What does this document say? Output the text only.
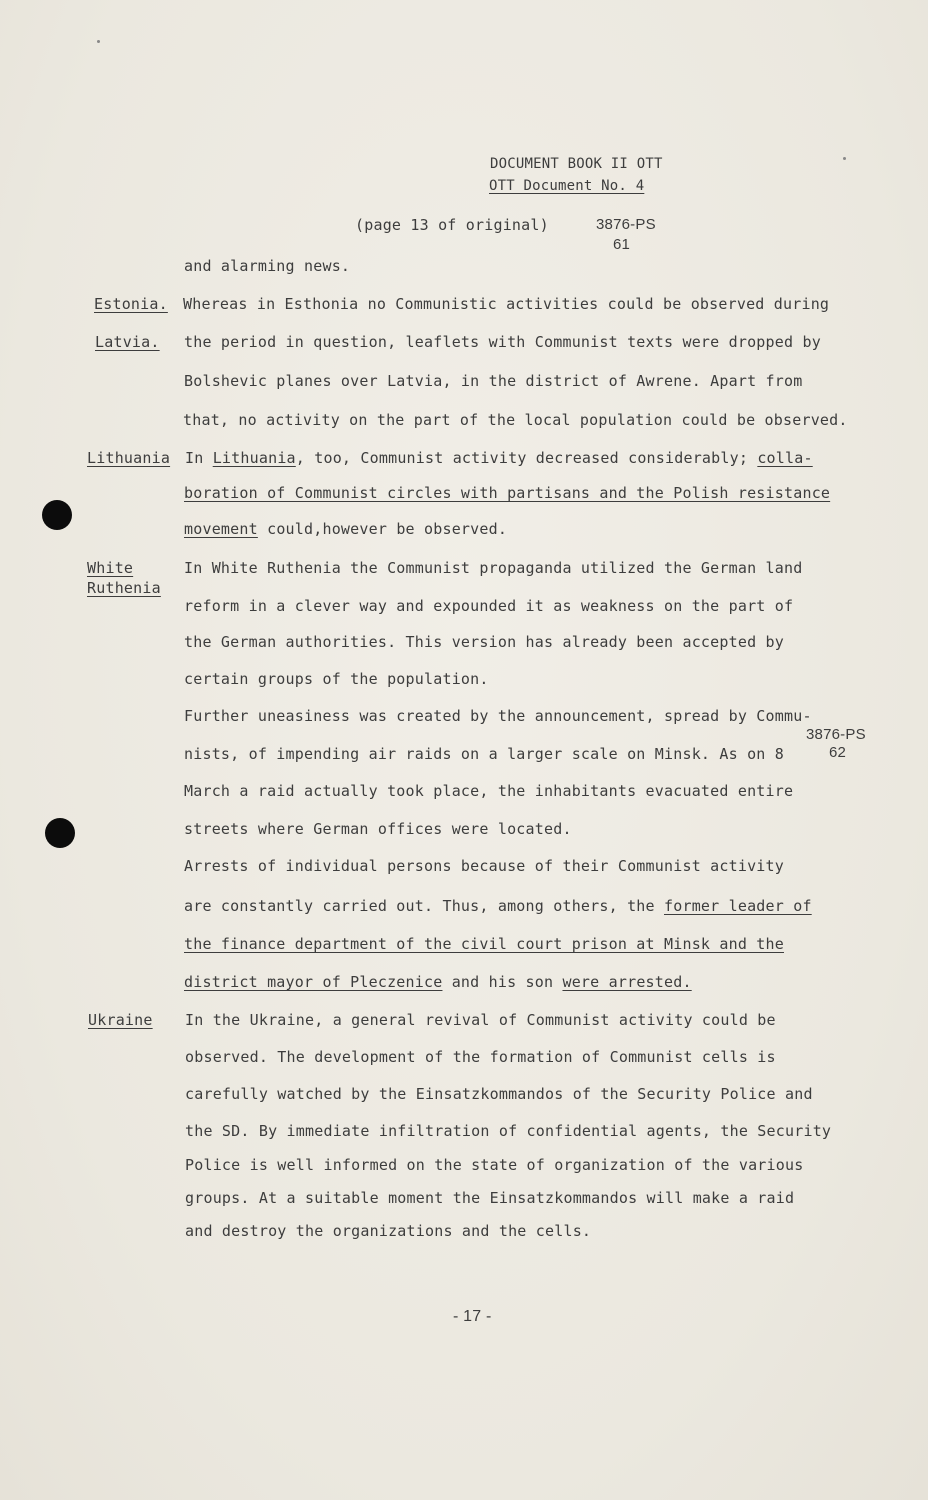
DOCUMENT BOOK II OTT
OTT Document No. 4
(page 13 of original)	3876-PS
61
Estonia.
Latvia.
Lithuania
White
Ruthenia
Ukraine
and alarming news.
Whereas in Esthonia no Communistic activities could be observed during
the period in question, leaflets with Communist texts were dropped by
Bolshevic planes over Latvia, in the district of Awrene. Apart from
that, no activity on the part of the local population could be observed.
In Lithuania, too, Communist activity decreased considerably; colla-
boration of Communist circles with partisans and the Polish resistance
movement could,however be observed.
In White Ruthenia the Communist propaganda utilized the German land
reform in a clever way and expounded it as weakness on the part of
the German authorities. This version has already been accepted by
certain groups of the population.
Further uneasiness was created by the announcement, spread by Commu-
nists, of impending air raids on a larger scale on Minsk. As on 8
3876-PS
62
March a raid actually took place, the inhabitants evacuated entire
streets where German offices were located.
Arrests of individual persons because of their Communist activity
are constantly carried out. Thus, among others, the former leader of
the finance department of the civil court prison at Minsk and the
district mayor of Pleczenice and his son were arrested.
In the Ukraine, a general revival of Communist activity could be
observed. The development of the formation of Communist cells is
carefully watched by the Einsatzkommandos of the Security Police and
the SD. By immediate infiltration of confidential agents, the Security
Police is well informed on the state of organization of the various
groups. At a suitable moment the Einsatzkommandos will make a raid
and destroy the organizations and the cells.
- 17 -
